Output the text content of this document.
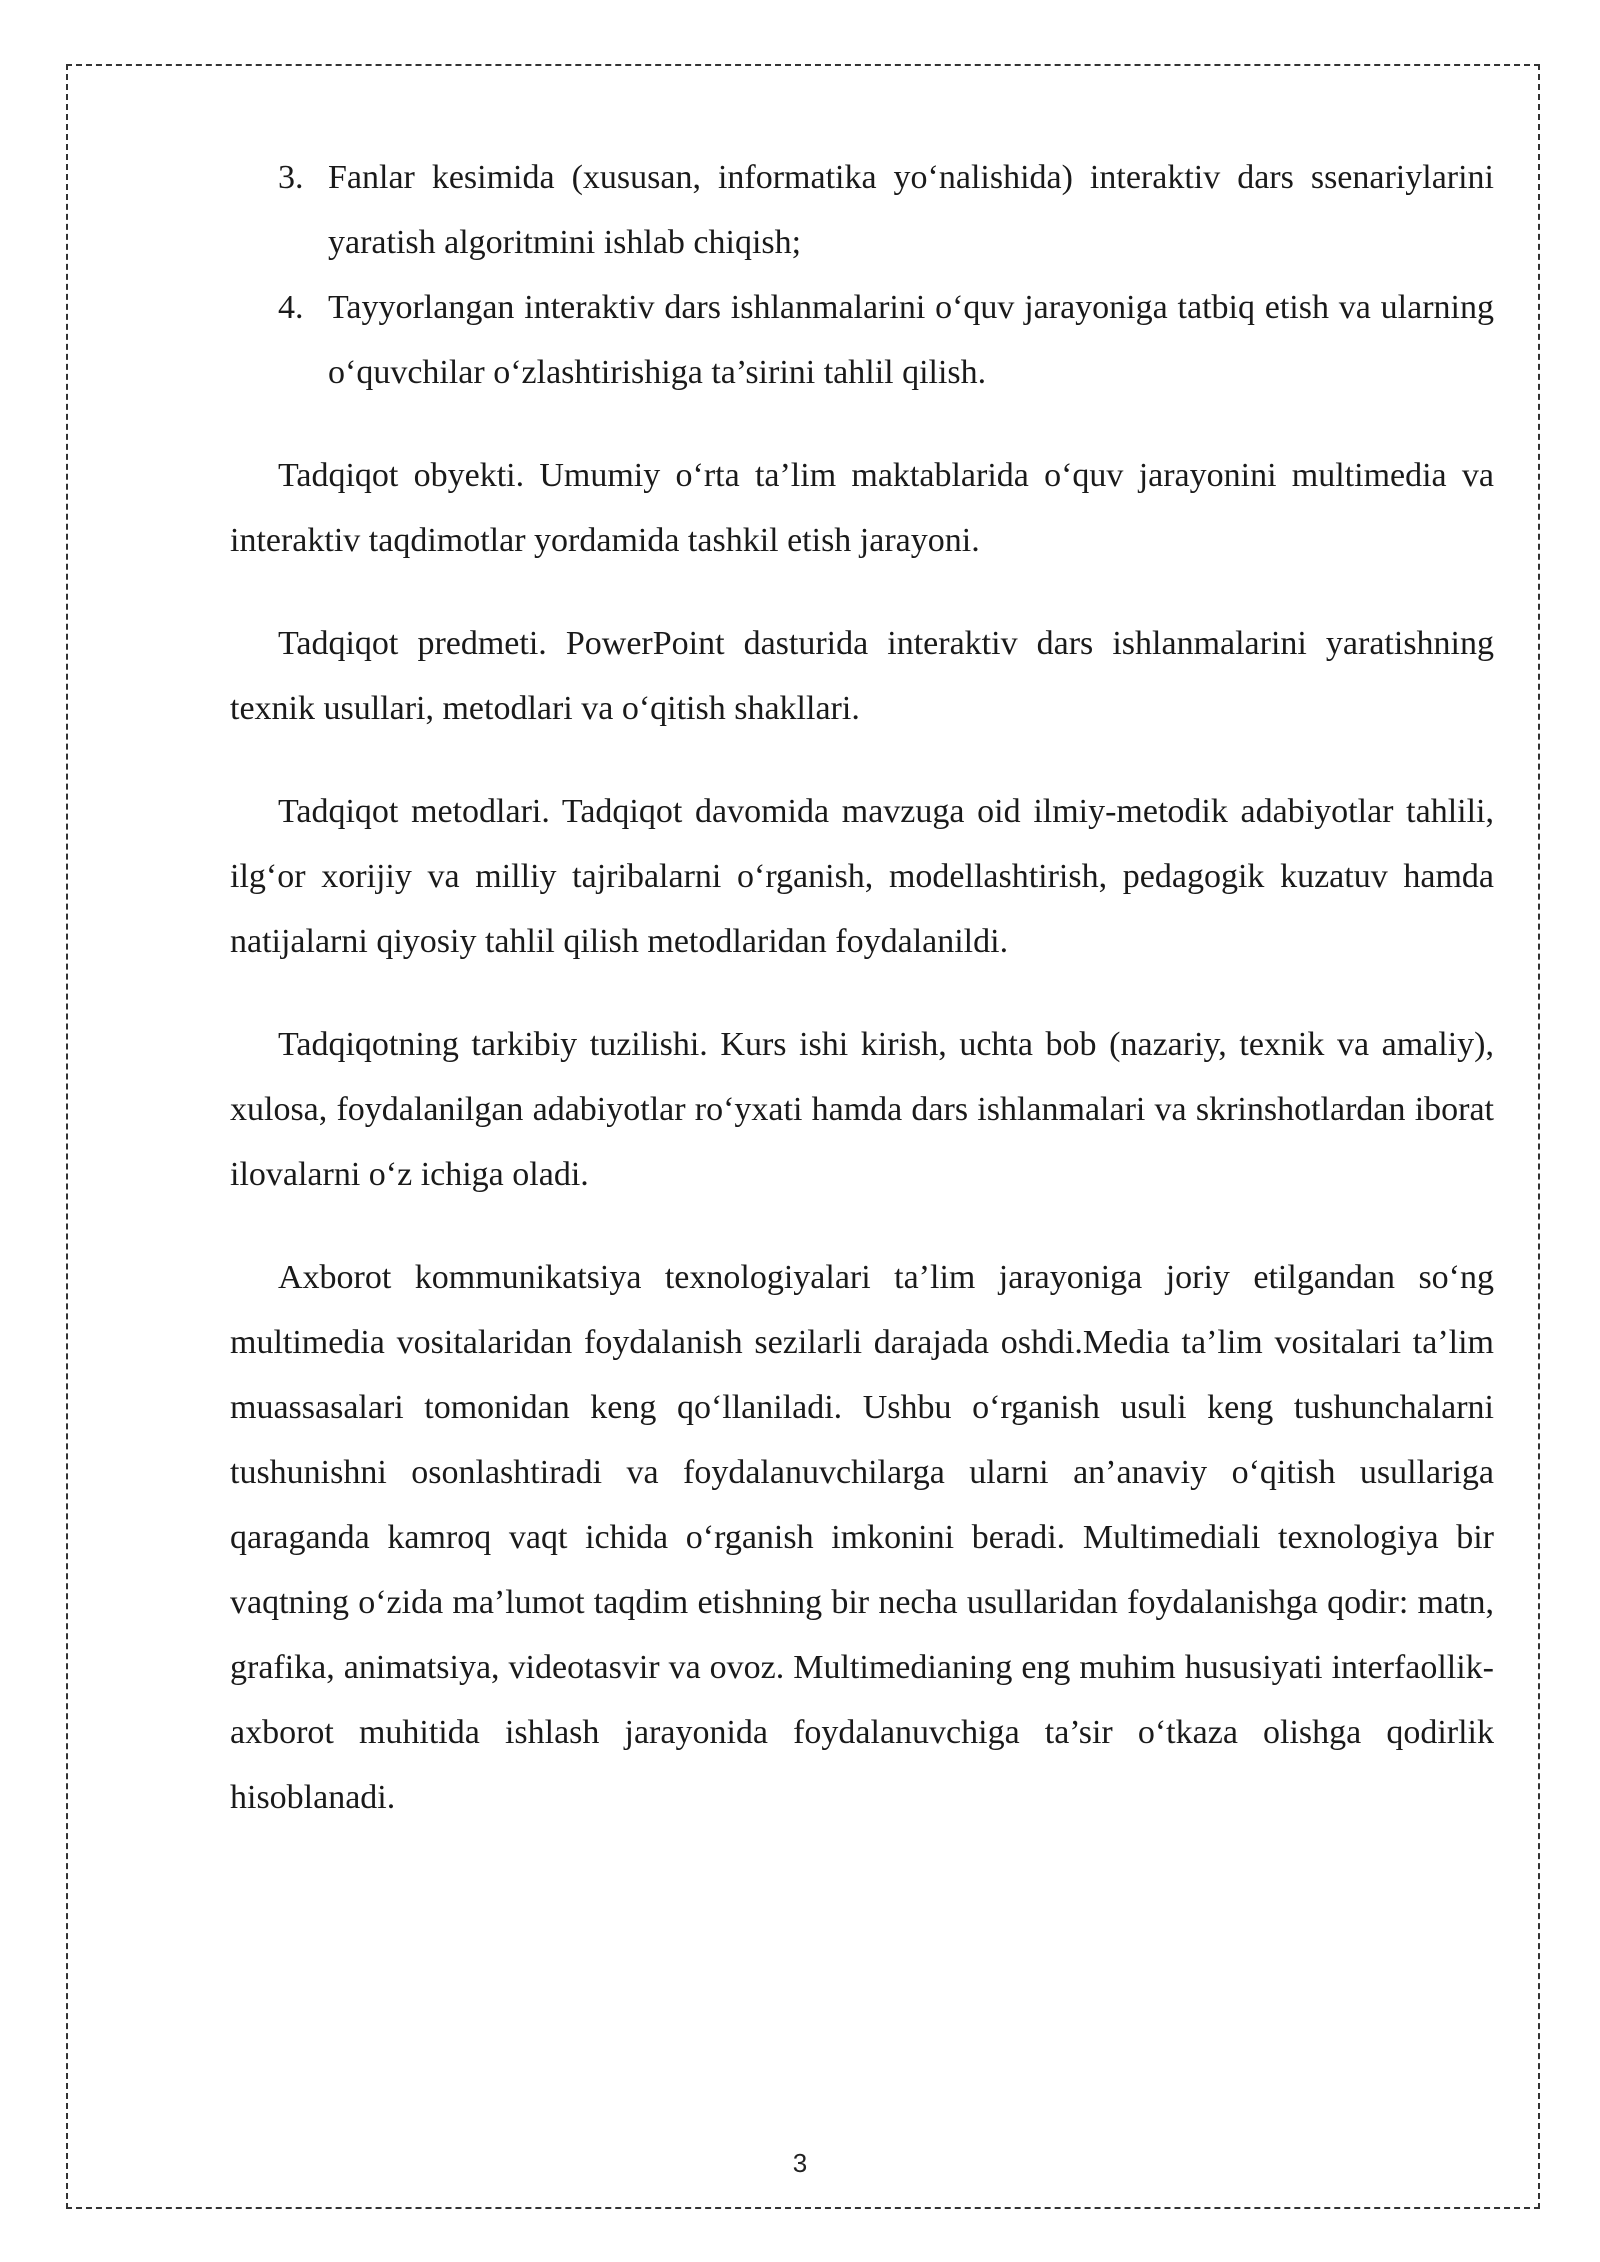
3. Fanlar kesimida (xususan, informatika yo‘nalishida) interaktiv dars ssenariylarini yaratish algoritmini ishlab chiqish;
4. Tayyorlangan interaktiv dars ishlanmalarini o‘quv jarayoniga tatbiq etish va ularning o‘quvchilar o‘zlashtirishiga ta’sirini tahlil qilish.

Tadqiqot obyekti. Umumiy o‘rta ta’lim maktablarida o‘quv jarayonini multimedia va interaktiv taqdimotlar yordamida tashkil etish jarayoni.

Tadqiqot predmeti. PowerPoint dasturida interaktiv dars ishlanmalarini yaratishning texnik usullari, metodlari va o‘qitish shakllari.

Tadqiqot metodlari. Tadqiqot davomida mavzuga oid ilmiy-metodik adabiyotlar tahlili, ilg‘or xorijiy va milliy tajribalarni o‘rganish, modellashtirish, pedagogik kuzatuv hamda natijalarni qiyosiy tahlil qilish metodlaridan foydalanildi.

Tadqiqotning tarkibiy tuzilishi. Kurs ishi kirish, uchta bob (nazariy, texnik va amaliy), xulosa, foydalanilgan adabiyotlar ro‘yxati hamda dars ishlanmalari va skrinshotlardan iborat ilovalarni o‘z ichiga oladi.

Axborot kommunikatsiya texnologiyalari ta’lim jarayoniga joriy etilgandan so‘ng multimedia vositalaridan foydalanish sezilarli darajada oshdi.Media ta’lim vositalari ta’lim muassasalari tomonidan keng qo‘llaniladi. Ushbu o‘rganish usuli keng tushunchalarni tushunishni osonlashtiradi va foydalanuvchilarga ularni an’anaviy o‘qitish usullariga qaraganda kamroq vaqt ichida o‘rganish imkonini beradi. Multimediali texnologiya bir vaqtning o‘zida ma’lumot taqdim etishning bir necha usullaridan foydalanishga qodir: matn, grafika, animatsiya, videotasvir va ovoz. Multimedianing eng muhim hususiyati interfaollik-axborot muhitida ishlash jarayonida foydalanuvchiga ta’sir o‘tkaza olishga qodirlik hisoblanadi.

3
